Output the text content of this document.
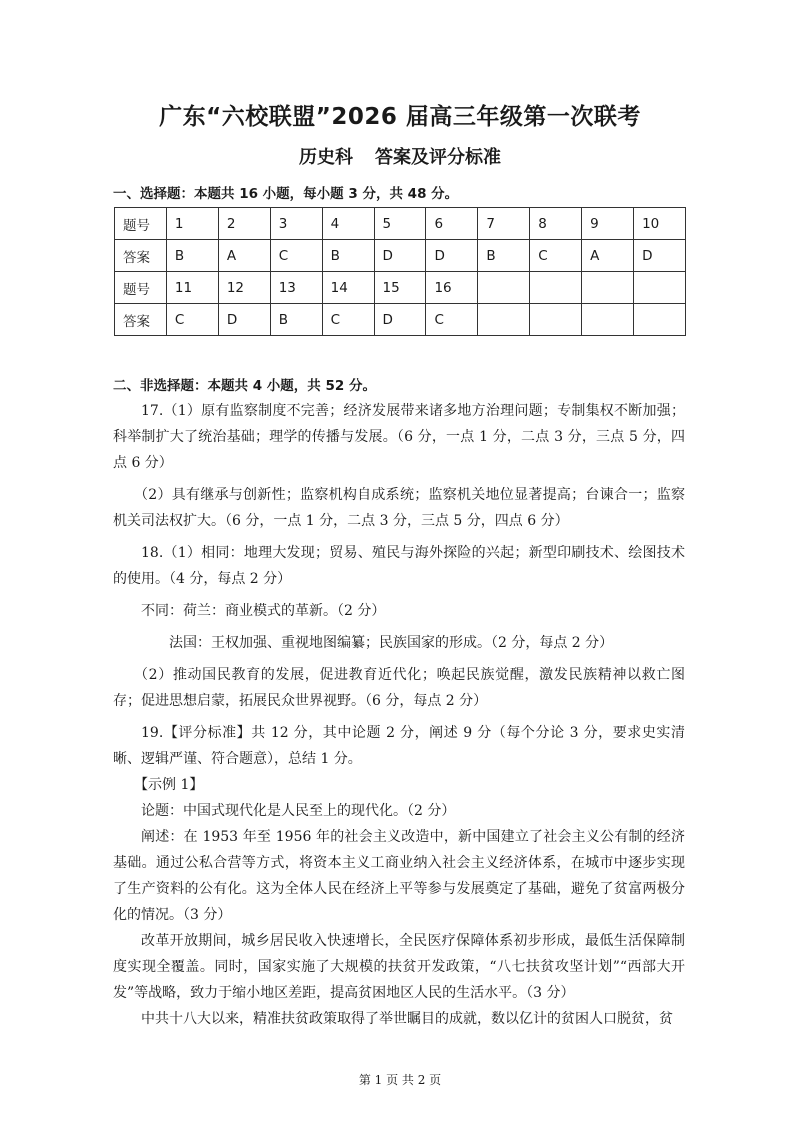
广东“六校联盟”2026 届高三年级第一次联考
历史科 答案及评分标准
一、选择题：本题共 16 小题，每小题 3 分，共 48 分。
题号	1	2	3	4	5	6	7	8	9	10
答案	B	A	C	B	D	D	B	C	A	D
题号	11	12	13	14	15	16				
答案	C	D	B	C	D	C				
二、非选择题：本题共 4 小题，共 52 分。

17.（1）原有监察制度不完善；经济发展带来诸多地方治理问题；专制集权不断加强；科举制扩大了统治基础；理学的传播与发展。（6 分，一点 1 分，二点 3 分，三点 5 分，四点 6 分）

（2）具有继承与创新性；监察机构自成系统；监察机关地位显著提高；台谏合一；监察机关司法权扩大。（6 分，一点 1 分，二点 3 分，三点 5 分，四点 6 分）

18.（1）相同：地理大发现；贸易、殖民与海外探险的兴起；新型印刷技术、绘图技术的使用。（4 分，每点 2 分）

不同：荷兰：商业模式的革新。（2 分）

法国：王权加强、重视地图编纂；民族国家的形成。（2 分，每点 2 分）

（2）推动国民教育的发展，促进教育近代化；唤起民族觉醒，激发民族精神以救亡图存；促进思想启蒙，拓展民众世界视野。（6 分，每点 2 分）

19.【评分标准】共 12 分，其中论题 2 分，阐述 9 分（每个分论 3 分，要求史实清晰、逻辑严谨、符合题意），总结 1 分。

【示例 1】

论题：中国式现代化是人民至上的现代化。（2 分）

阐述：在 1953 年至 1956 年的社会主义改造中，新中国建立了社会主义公有制的经济基础。通过公私合营等方式，将资本主义工商业纳入社会主义经济体系，在城市中逐步实现了生产资料的公有化。这为全体人民在经济上平等参与发展奠定了基础，避免了贫富两极分化的情况。（3 分）

改革开放期间，城乡居民收入快速增长，全民医疗保障体系初步形成，最低生活保障制度实现全覆盖。同时，国家实施了大规模的扶贫开发政策，“八七扶贫攻坚计划”“西部大开发”等战略，致力于缩小地区差距，提高贫困地区人民的生活水平。（3 分）

中共十八大以来，精准扶贫政策取得了举世瞩目的成就，数以亿计的贫困人口脱贫，贫

第 1 页 共 2 页
